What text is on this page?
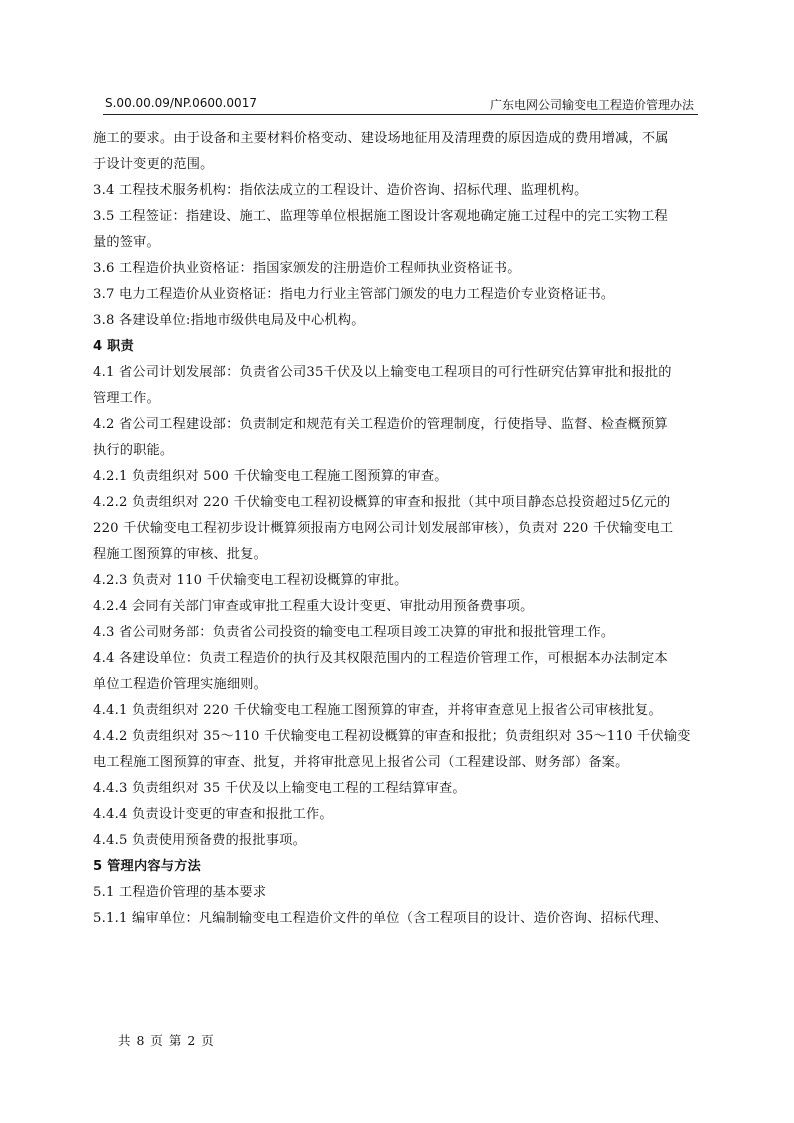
S.00.00.09/NP.0600.0017	广东电网公司输变电工程造价管理办法
施工的要求。由于设备和主要材料价格变动、建设场地征用及清理费的原因造成的费用增减，不属
于设计变更的范围。
3.4 工程技术服务机构：指依法成立的工程设计、造价咨询、招标代理、监理机构。
3.5 工程签证：指建设、施工、监理等单位根据施工图设计客观地确定施工过程中的完工实物工程
量的签审。
3.6 工程造价执业资格证：指国家颁发的注册造价工程师执业资格证书。
3.7 电力工程造价从业资格证：指电力行业主管部门颁发的电力工程造价专业资格证书。
3.8 各建设单位:指地市级供电局及中心机构。
4 职责
4.1 省公司计划发展部：负责省公司35千伏及以上输变电工程项目的可行性研究估算审批和报批的
管理工作。
4.2 省公司工程建设部：负责制定和规范有关工程造价的管理制度，行使指导、监督、检查概预算
执行的职能。
4.2.1 负责组织对 500 千伏输变电工程施工图预算的审查。
4.2.2 负责组织对 220 千伏输变电工程初设概算的审查和报批（其中项目静态总投资超过5亿元的
220 千伏输变电工程初步设计概算须报南方电网公司计划发展部审核），负责对 220 千伏输变电工
程施工图预算的审核、批复。
4.2.3 负责对 110 千伏输变电工程初设概算的审批。
4.2.4 会同有关部门审查或审批工程重大设计变更、审批动用预备费事项。
4.3 省公司财务部：负责省公司投资的输变电工程项目竣工决算的审批和报批管理工作。
4.4 各建设单位：负责工程造价的执行及其权限范围内的工程造价管理工作，可根据本办法制定本
单位工程造价管理实施细则。
4.4.1 负责组织对 220 千伏输变电工程施工图预算的审查，并将审查意见上报省公司审核批复。
4.4.2 负责组织对 35～110 千伏输变电工程初设概算的审查和报批；负责组织对 35～110 千伏输变
电工程施工图预算的审查、批复，并将审批意见上报省公司（工程建设部、财务部）备案。
4.4.3 负责组织对 35 千伏及以上输变电工程的工程结算审查。
4.4.4 负责设计变更的审查和报批工作。
4.4.5 负责使用预备费的报批事项。
5 管理内容与方法
5.1 工程造价管理的基本要求
5.1.1 编审单位：凡编制输变电工程造价文件的单位（含工程项目的设计、造价咨询、招标代理、
共 8 页 第 2 页
